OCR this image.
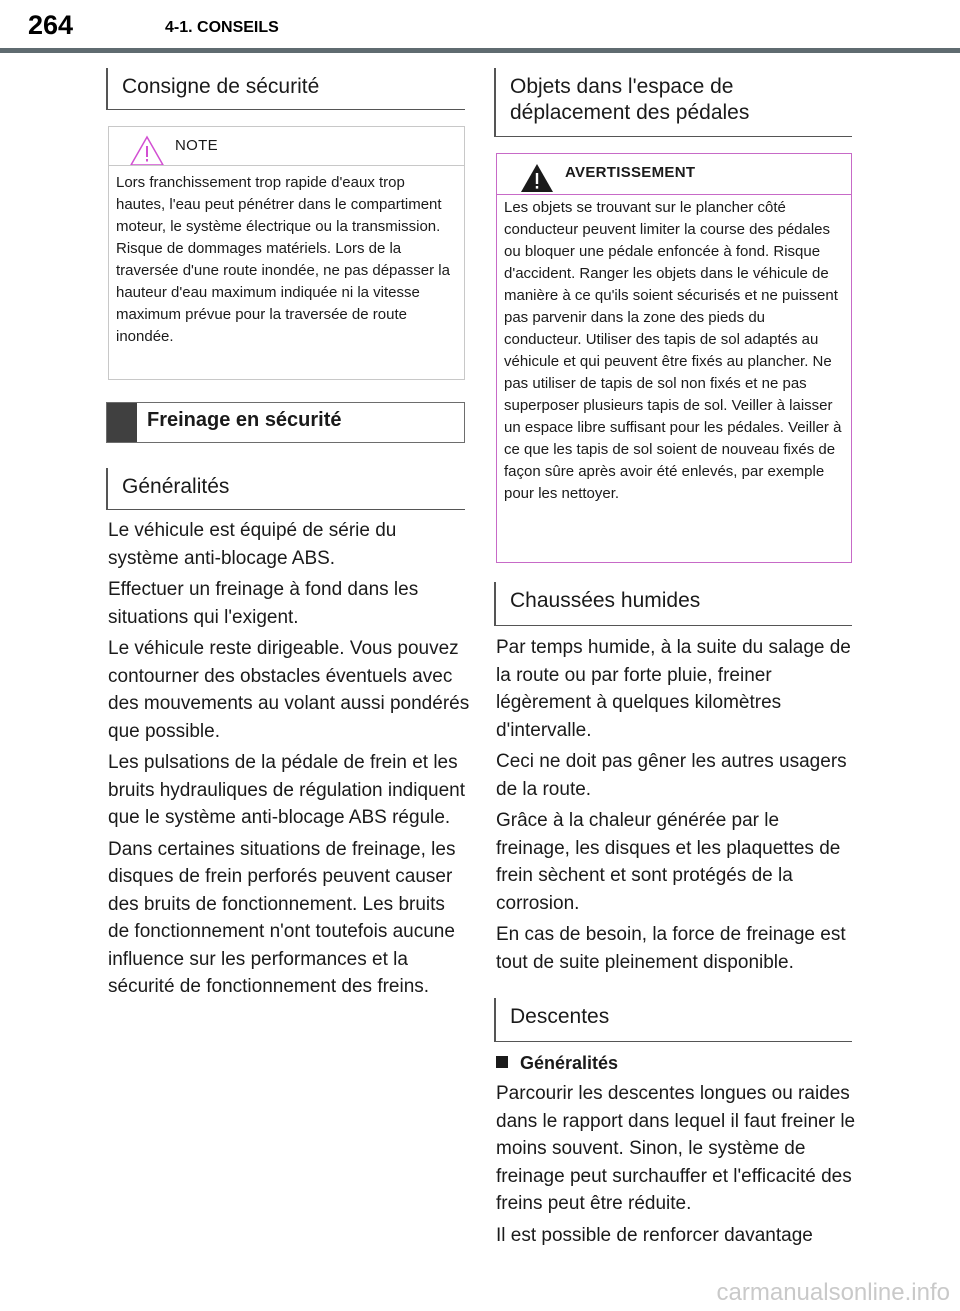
264	4-1. CONSEILS
Consigne de sécurité
NOTE
Lors franchissement trop rapide d'eaux trop hautes, l'eau peut pénétrer dans le compartiment moteur, le système électrique ou la transmission. Risque de dommages matériels. Lors de la traversée d'une route inondée, ne pas dépasser la hauteur d'eau maximum indiquée ni la vitesse maximum prévue pour la traversée de route inondée.
Freinage en sécurité
Généralités

Le véhicule est équipé de série du système anti-blocage ABS.

Effectuer un freinage à fond dans les situations qui l'exigent.

Le véhicule reste dirigeable. Vous pouvez contourner des obstacles éventuels avec des mouvements au volant aussi pondérés que possible.

Les pulsations de la pédale de frein et les bruits hydrauliques de régulation indiquent que le système anti-blocage ABS régule.

Dans certaines situations de freinage, les disques de frein perforés peuvent causer des bruits de fonctionnement. Les bruits de fonctionnement n'ont toutefois aucune influence sur les performances et la sécurité de fonctionnement des freins.

Objets dans l'espace de déplacement des pédales
AVERTISSEMENT
Les objets se trouvant sur le plancher côté conducteur peuvent limiter la course des pédales ou bloquer une pédale enfoncée à fond. Risque d'accident. Ranger les objets dans le véhicule de manière à ce qu'ils soient sécurisés et ne puissent pas parvenir dans la zone des pieds du conducteur. Utiliser des tapis de sol adaptés au véhicule et qui peuvent être fixés au plancher. Ne pas utiliser de tapis de sol non fixés et ne pas superposer plusieurs tapis de sol. Veiller à laisser un espace libre suffisant pour les pédales. Veiller à ce que les tapis de sol soient de nouveau fixés de façon sûre après avoir été enlevés, par exemple pour les nettoyer.
Chaussées humides

Par temps humide, à la suite du salage de la route ou par forte pluie, freiner légèrement à quelques kilomètres d'intervalle.

Ceci ne doit pas gêner les autres usagers de la route.

Grâce à la chaleur générée par le freinage, les disques et les plaquettes de frein sèchent et sont protégés de la corrosion.

En cas de besoin, la force de freinage est tout de suite pleinement disponible.

Descentes
Généralités

Parcourir les descentes longues ou raides dans le rapport dans lequel il faut freiner le moins souvent. Sinon, le système de freinage peut surchauffer et l'efficacité des freins peut être réduite.

Il est possible de renforcer davantage

carmanualsonline.info
